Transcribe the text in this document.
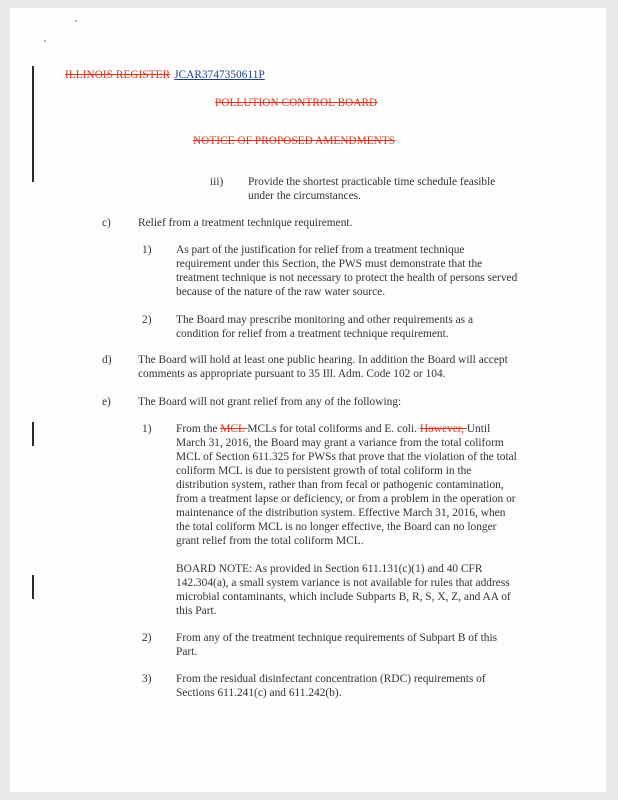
ILLINOIS REGISTER JCAR3747350611P
POLLUTION CONTROL BOARD
NOTICE OF PROPOSED AMENDMENTS
iii) Provide the shortest practicable time schedule feasible
under the circumstances.
c) Relief from a treatment technique requirement.
1) As part of the justification for relief from a treatment technique
requirement under this Section, the PWS must demonstrate that the
treatment technique is not necessary to protect the health of persons served
because of the nature of the raw water source.
2) The Board may prescribe monitoring and other requirements as a
condition for relief from a treatment technique requirement.
d) The Board will hold at least one public hearing. In addition the Board will accept
comments as appropriate pursuant to 35 Ill. Adm. Code 102 or 104.
e) The Board will not grant relief from any of the following:
1) From the MCL MCLs for total coliforms and E. coli. However, Until
March 31, 2016, the Board may grant a variance from the total coliform
MCL of Section 611.325 for PWSs that prove that the violation of the total
coliform MCL is due to persistent growth of total coliform in the
distribution system, rather than from fecal or pathogenic contamination,
from a treatment lapse or deficiency, or from a problem in the operation or
maintenance of the distribution system. Effective March 31, 2016, when
the total coliform MCL is no longer effective, the Board can no longer
grant relief from the total coliform MCL.
BOARD NOTE: As provided in Section 611.131(c)(1) and 40 CFR
142.304(a), a small system variance is not available for rules that address
microbial contaminants, which include Subparts B, R, S, X, Z, and AA of
this Part.
2) From any of the treatment technique requirements of Subpart B of this
Part.
3) From the residual disinfectant concentration (RDC) requirements of
Sections 611.241(c) and 611.242(b).
